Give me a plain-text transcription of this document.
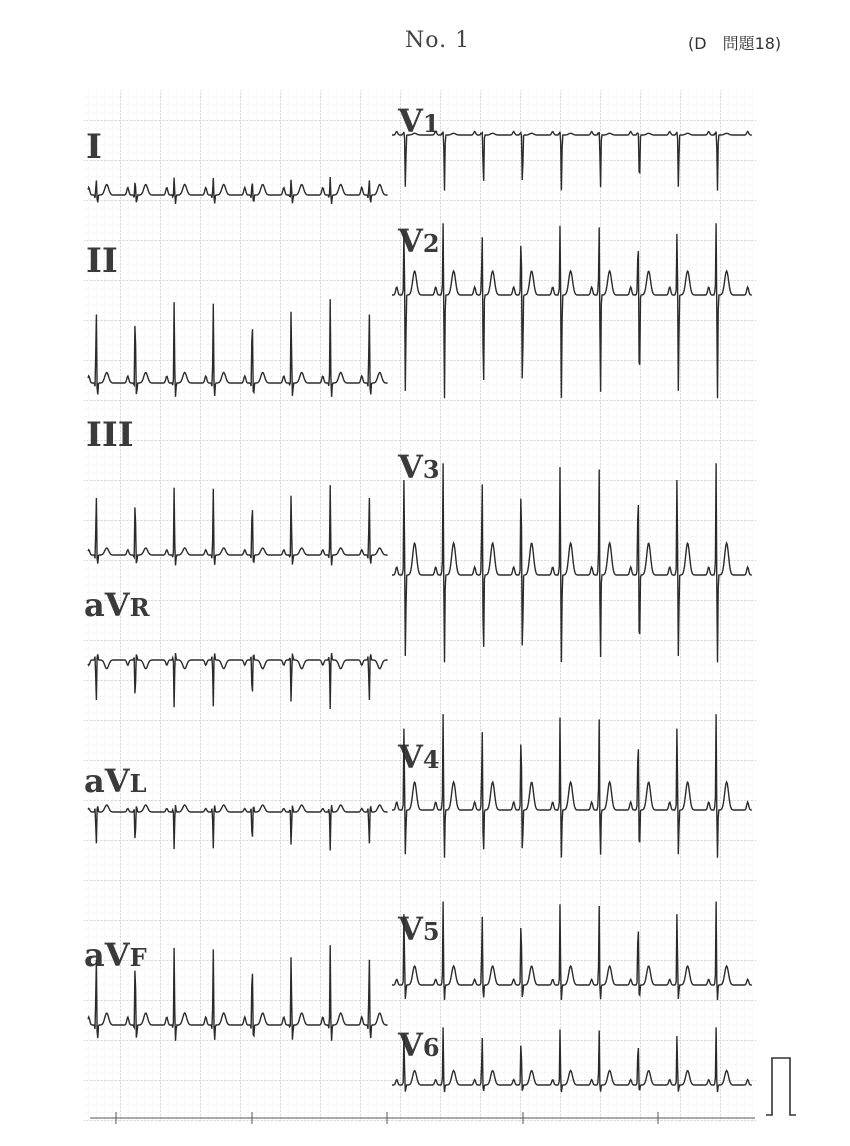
No. 1	(D　問題18)
I
II
III
aVR
aVL
aVF
V1
V2
V3
V4
V5
V6
